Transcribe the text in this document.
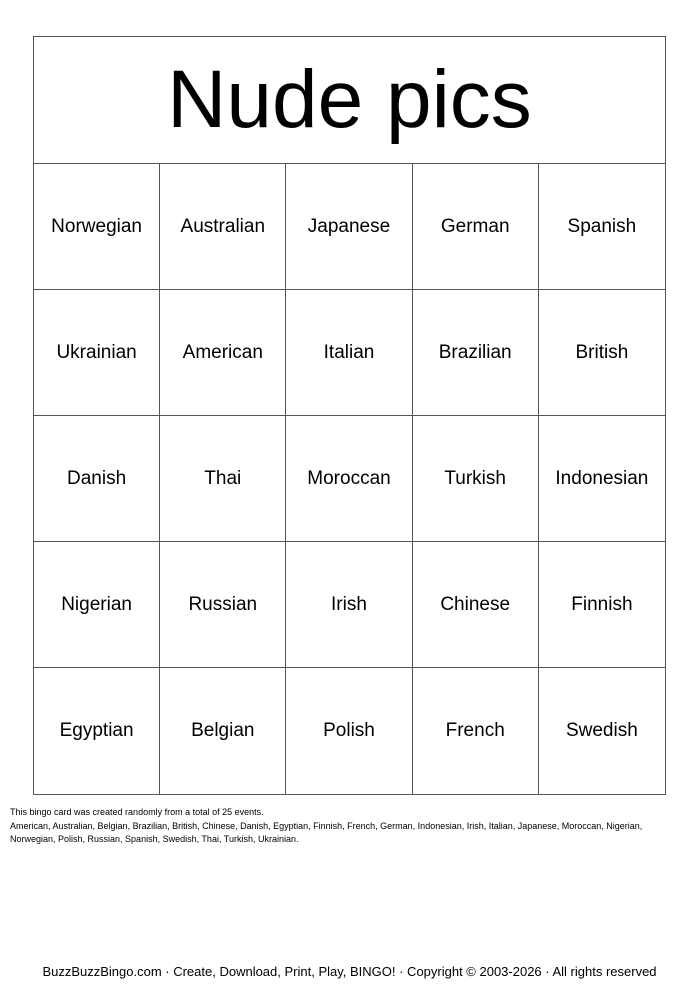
Nude pics
Norwegian	Australian	Japanese	German	Spanish
Ukrainian	American	Italian	Brazilian	British
Danish	Thai	Moroccan	Turkish	Indonesian
Nigerian	Russian	Irish	Chinese	Finnish
Egyptian	Belgian	Polish	French	Swedish
This bingo card was created randomly from a total of 25 events.
American, Australian, Belgian, Brazilian, British, Chinese, Danish, Egyptian, Finnish, French, German, Indonesian, Irish, Italian, Japanese, Moroccan, Nigerian, Norwegian, Polish, Russian, Spanish, Swedish, Thai, Turkish, Ukrainian.
BuzzBuzzBingo.com · Create, Download, Print, Play, BINGO! · Copyright © 2003-2026 · All rights reserved
